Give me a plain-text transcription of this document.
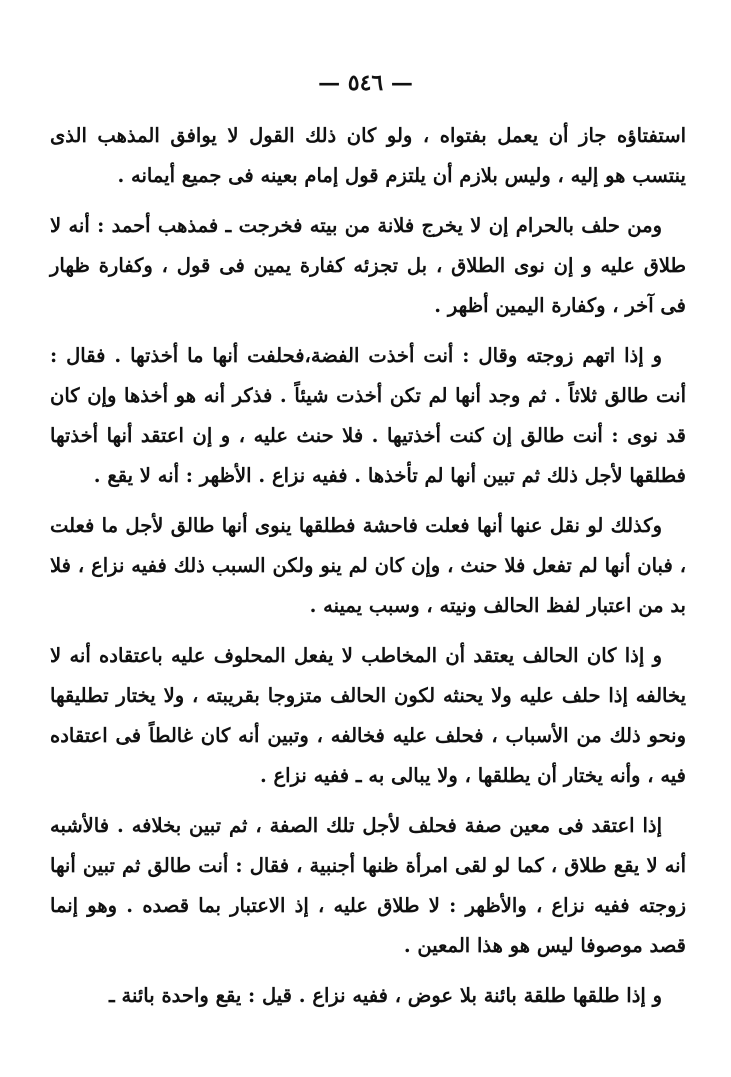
— ٥٤٦ —

استفتاؤه جاز أن يعمل بفتواه ، ولو كان ذلك القول لا يوافق المذهب الذى ينتسب هو إليه ، وليس بلازم أن يلتزم قول إمام بعينه فى جميع أيمانه .

ومن حلف بالحرام إن لا يخرج فلانة من بيته فخرجت ـ فمذهب أحمد : أنه لا طلاق عليه و إن نوى الطلاق ، بل تجزئه كفارة يمين فى قول ، وكفارة ظهار فى آخر ، وكفارة اليمين أظهر .

و إذا اتهم زوجته وقال : أنت أخذت الفضة،فحلفت أنها ما أخذتها . فقال : أنت طالق ثلاثاً . ثم وجد أنها لم تكن أخذت شيئاً . فذكر أنه هو أخذها وإن كان قد نوى : أنت طالق إن كنت أخذتيها . فلا حنث عليه ، و إن اعتقد أنها أخذتها فطلقها لأجل ذلك ثم تبين أنها لم تأخذها . ففيه نزاع . الأظهر : أنه لا يقع .

وكذلك لو نقل عنها أنها فعلت فاحشة فطلقها ينوى أنها طالق لأجل ما فعلت ، فبان أنها لم تفعل فلا حنث ، وإن كان لم ينو ولكن السبب ذلك ففيه نزاع ، فلا بد من اعتبار لفظ الحالف ونيته ، وسبب يمينه .

و إذا كان الحالف يعتقد أن المخاطب لا يفعل المحلوف عليه باعتقاده أنه لا يخالفه إذا حلف عليه ولا يحنثه لكون الحالف متزوجا بقريبته ، ولا يختار تطليقها ونحو ذلك من الأسباب ، فحلف عليه فخالفه ، وتبين أنه كان غالطاً فى اعتقاده فيه ، وأنه يختار أن يطلقها ، ولا يبالى به ـ ففيه نزاع .

إذا اعتقد فى معين صفة فحلف لأجل تلك الصفة ، ثم تبين بخلافه . فالأشبه أنه لا يقع طلاق ، كما لو لقى امرأة ظنها أجنبية ، فقال : أنت طالق ثم تبين أنها زوجته ففيه نزاع ، والأظهر : لا طلاق عليه ، إذ الاعتبار بما قصده . وهو إنما قصد موصوفا ليس هو هذا المعين .

و إذا طلقها طلقة بائنة بلا عوض ، ففيه نزاع . قيل : يقع واحدة بائنة ـ
